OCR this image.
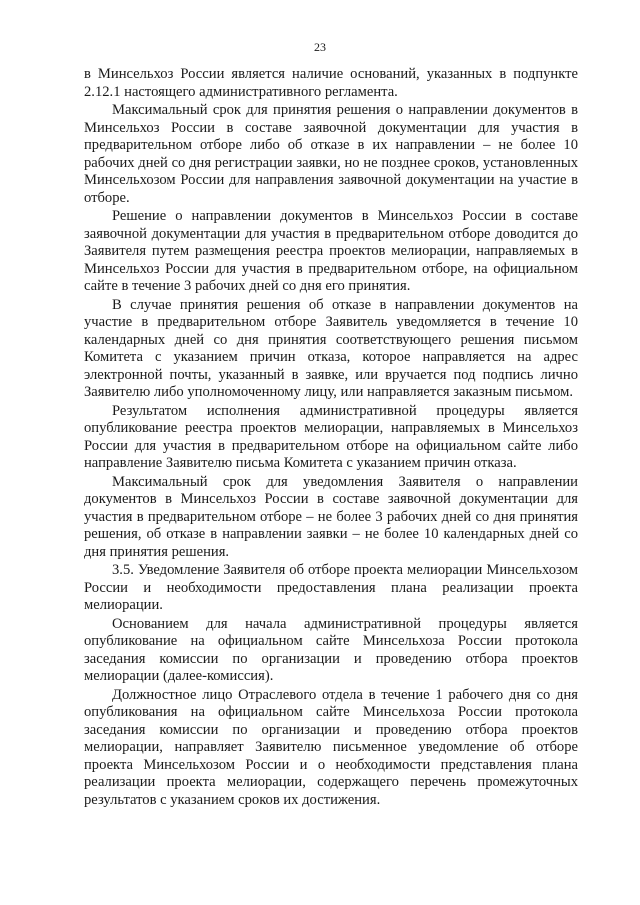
23

в Минсельхоз России является наличие оснований, указанных в подпункте 2.12.1 настоящего административного регламента.

Максимальный срок для принятия решения о направлении документов в Минсельхоз России в составе заявочной документации для участия в предварительном отборе либо об отказе в их направлении – не более 10 рабочих дней со дня регистрации заявки, но не позднее сроков, установленных Минсельхозом России для направления заявочной документации на участие в отборе.

Решение о направлении документов в Минсельхоз России в составе заявочной документации для участия в предварительном отборе доводится до Заявителя путем размещения реестра проектов мелиорации, направляемых в Минсельхоз России для участия в предварительном отборе, на официальном сайте в течение 3 рабочих дней со дня его принятия.

В случае принятия решения об отказе в направлении документов на участие в предварительном отборе Заявитель уведомляется в течение 10 календарных дней со дня принятия соответствующего решения письмом Комитета с указанием причин отказа, которое направляется на адрес электронной почты, указанный в заявке, или вручается под подпись лично Заявителю либо уполномоченному лицу, или направляется заказным письмом.

Результатом исполнения административной процедуры является опубликование реестра проектов мелиорации, направляемых в Минсельхоз России для участия в предварительном отборе на официальном сайте либо направление Заявителю письма Комитета с указанием причин отказа.

Максимальный срок для уведомления Заявителя о направлении документов в Минсельхоз России в составе заявочной документации для участия в предварительном отборе – не более 3 рабочих дней со дня принятия решения, об отказе в направлении заявки – не более 10 календарных дней со дня принятия решения.

3.5. Уведомление Заявителя об отборе проекта мелиорации Минсельхозом России и необходимости предоставления плана реализации проекта мелиорации.

Основанием для начала административной процедуры является опубликование на официальном сайте Минсельхоза России протокола заседания комиссии по организации и проведению отбора проектов мелиорации (далее-комиссия).

Должностное лицо Отраслевого отдела в течение 1 рабочего дня со дня опубликования на официальном сайте Минсельхоза России протокола заседания комиссии по организации и проведению отбора проектов мелиорации, направляет Заявителю письменное уведомление об отборе проекта Минсельхозом России и о необходимости представления плана реализации проекта мелиорации, содержащего перечень промежуточных результатов с указанием сроков их достижения.
